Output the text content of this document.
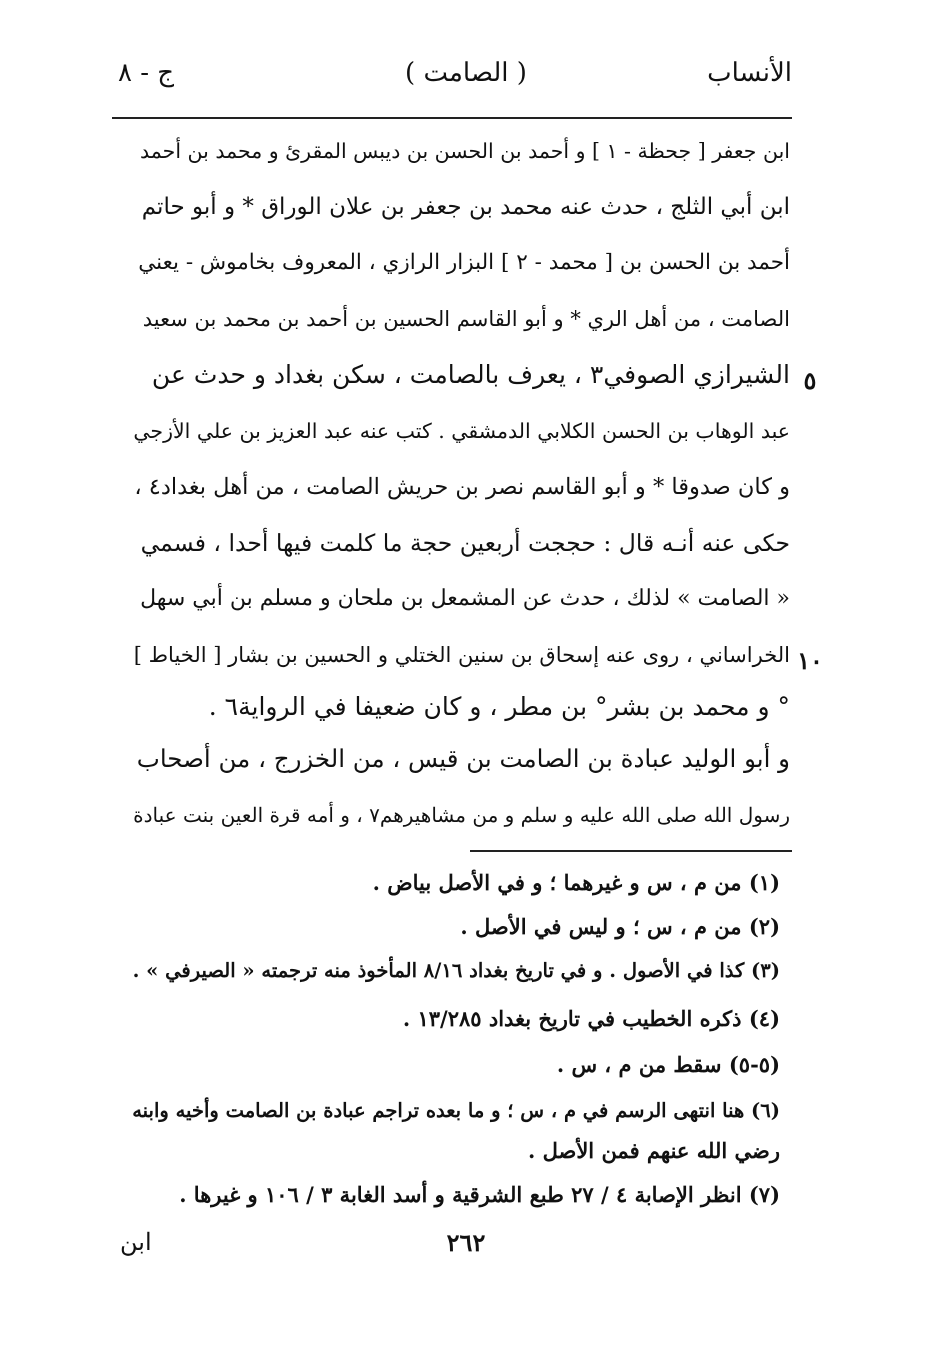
ج - ٨	( الصامت )	الأنساب
ابن جعفر [ جحظة - ١ ] و أحمد بن الحسن بن ديبس المقرئ و محمد بن أحمد
ابن أبي الثلج ، حدث عنه محمد بن جعفر بن علان الوراق * و أبو حاتم
أحمد بن الحسن بن [ محمد - ٢ ] البزار الرازي ، المعروف بخاموش - يعني
الصامت ، من أهل الري * و أبو القاسم الحسين بن أحمد بن محمد بن سعيد
الشيرازي الصوفي٣ ، يعرف بالصامت ، سكن بغداد و حدث عن ٥
عبد الوهاب بن الحسن الكلابي الدمشقي . كتب عنه عبد العزيز بن علي الأزجي
و كان صدوقا * و أبو القاسم نصر بن حريش الصامت ، من أهل بغداد٤ ،
حكى عنه أنـه قال : حججت أربعين حجة ما كلمت فيها أحدا ، فسمي
« الصامت » لذلك ، حدث عن المشمعل بن ملحان و مسلم بن أبي سهل
الخراساني ، روى عنه إسحاق بن سنين الختلي و الحسين بن بشار [ الخياط ] ١٠
° و محمد بن بشر° بن مطر ، و كان ضعيفا في الرواية٦ .
و أبو الوليد عبادة بن الصامت بن قيس ، من الخزرج ، من أصحاب
رسول الله صلى الله عليه و سلم و من مشاهيرهم٧ ، و أمه قرة العين بنت عبادة
(١) من م ، س و غيرهما ؛ و في الأصل بياض .
(٢) من م ، س ؛ و ليس في الأصل .
(٣) كذا في الأصول . و في تاريخ بغداد ٨/١٦ المأخوذ منه ترجمته « الصيرفي » .
(٤) ذكره الخطيب في تاريخ بغداد ١٣/٢٨٥ .
(٥-٥) سقط من م ، س .
(٦) هنا انتهى الرسم في م ، س ؛ و ما بعده تراجم عبادة بن الصامت وأخيه وابنه
رضي الله عنهم فمن الأصل .
(٧) انظر الإصابة ٤ / ٢٧ طبع الشرقية و أسد الغابة ٣ / ١٠٦ و غيرها .
ابن	٢٦٢
